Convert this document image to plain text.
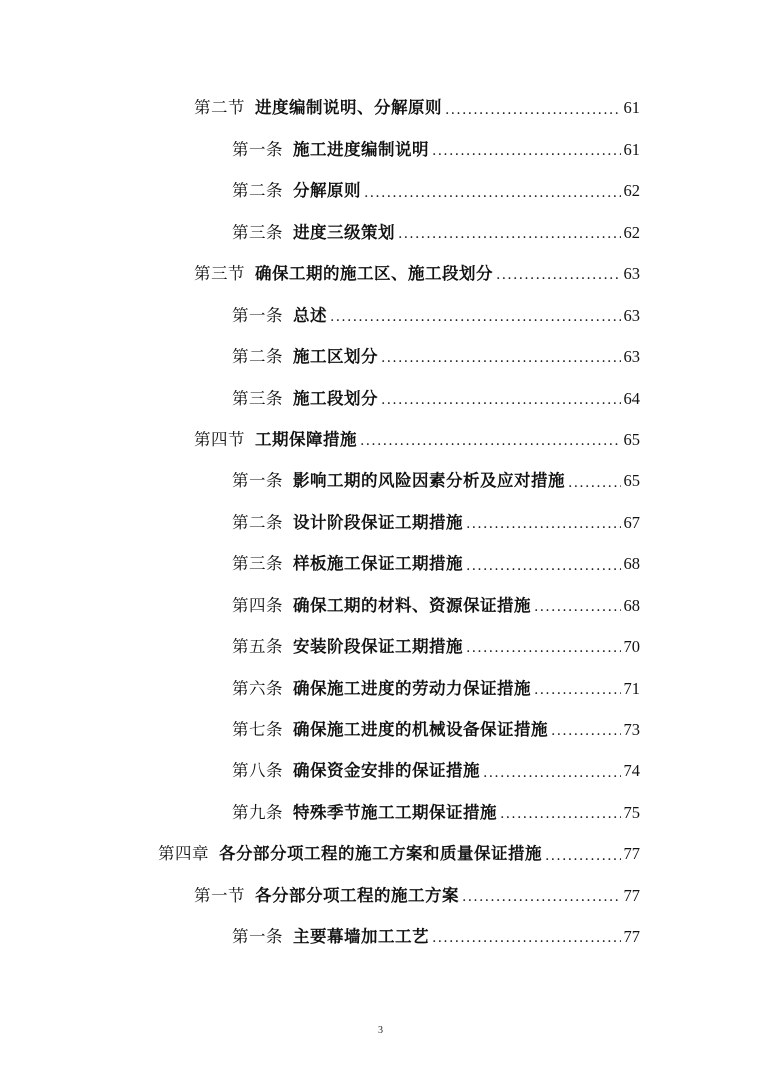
第二节 进度编制说明、分解原则 .....	61
第一条 施工进度编制说明 .....	61
第二条 分解原则 .....	62
第三条 进度三级策划 .....	62
第三节 确保工期的施工区、施工段划分 .....	63
第一条 总述 .....	63
第二条 施工区划分 .....	63
第三条 施工段划分 .....	64
第四节 工期保障措施 .....	65
第一条 影响工期的风险因素分析及应对措施 .....	65
第二条 设计阶段保证工期措施 .....	67
第三条 样板施工保证工期措施 .....	68
第四条 确保工期的材料、资源保证措施 .....	68
第五条 安装阶段保证工期措施 .....	70
第六条 确保施工进度的劳动力保证措施 .....	71
第七条 确保施工进度的机械设备保证措施 .....	73
第八条 确保资金安排的保证措施 .....	74
第九条 特殊季节施工工期保证措施 .....	75
第四章 各分部分项工程的施工方案和质量保证措施 .....	77
第一节 各分部分项工程的施工方案 .....	77
第一条 主要幕墙加工工艺 .....	77
3
